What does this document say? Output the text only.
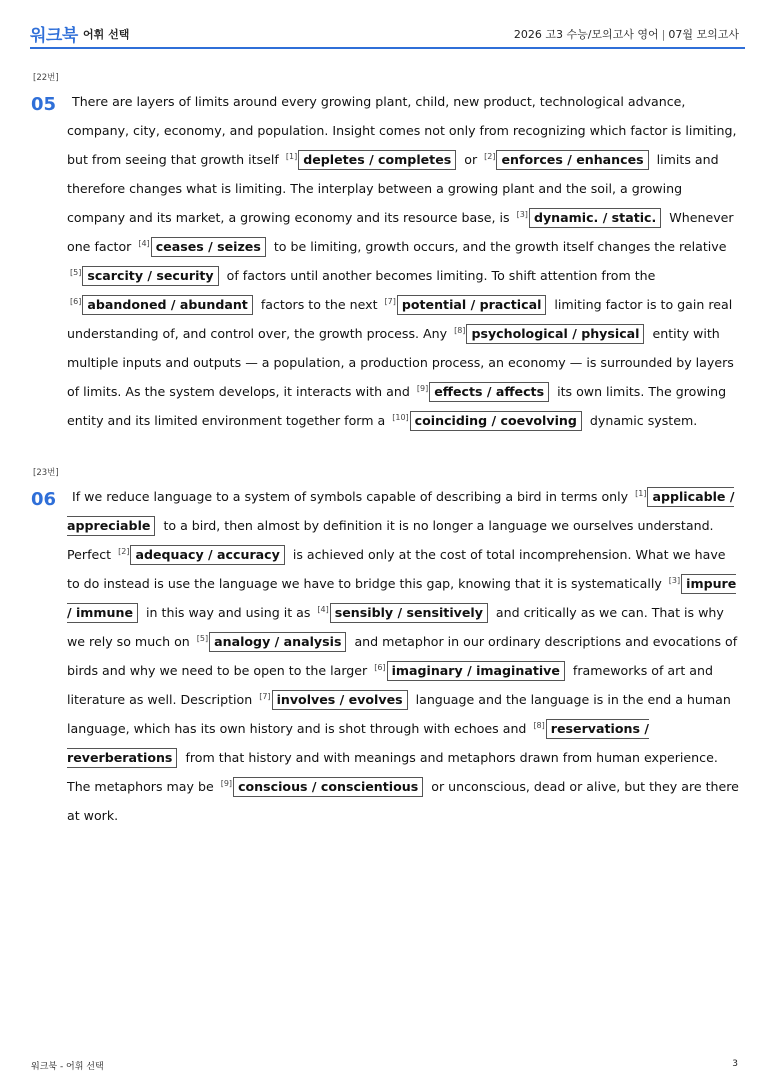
워크북 어휘 선택	2026 고3 수능/모의고사 영어 | 07월 모의고사
[22번]
05	There are layers of limits around every growing plant, child, new product, technological advance, company, city, economy, and population. Insight comes not only from recognizing which factor is limiting, but from seeing that growth itself [1] depletes / completes or [2] enforces / enhances limits and therefore changes what is limiting. The interplay between a growing plant and the soil, a growing company and its market, a growing economy and its resource base, is [3] dynamic. / static. Whenever one factor [4] ceases / seizes to be limiting, growth occurs, and the growth itself changes the relative [5] scarcity / security of factors until another becomes limiting. To shift attention from the [6] abandoned / abundant factors to the next [7] potential / practical limiting factor is to gain real understanding of, and control over, the growth process. Any [8] psychological / physical entity with multiple inputs and outputs — a population, a production process, an economy — is surrounded by layers of limits. As the system develops, it interacts with and [9] effects / affects its own limits. The growing entity and its limited environment together form a [10] coinciding / coevolving dynamic system.
[23번]
06	If we reduce language to a system of symbols capable of describing a bird in terms only [1] applicable / appreciable to a bird, then almost by definition it is no longer a language we ourselves understand. Perfect [2] adequacy / accuracy is achieved only at the cost of total incomprehension. What we have to do instead is use the language we have to bridge this gap, knowing that it is systematically [3] impure / immune in this way and using it as [4] sensibly / sensitively and critically as we can. That is why we rely so much on [5] analogy / analysis and metaphor in our ordinary descriptions and evocations of birds and why we need to be open to the larger [6] imaginary / imaginative frameworks of art and literature as well. Description [7] involves / evolves language and the language is in the end a human language, which has its own history and is shot through with echoes and [8] reservations / reverberations from that history and with meanings and metaphors drawn from human experience. The metaphors may be [9] conscious / conscientious or unconscious, dead or alive, but they are there at work.
워크북 - 어휘 선택	3
